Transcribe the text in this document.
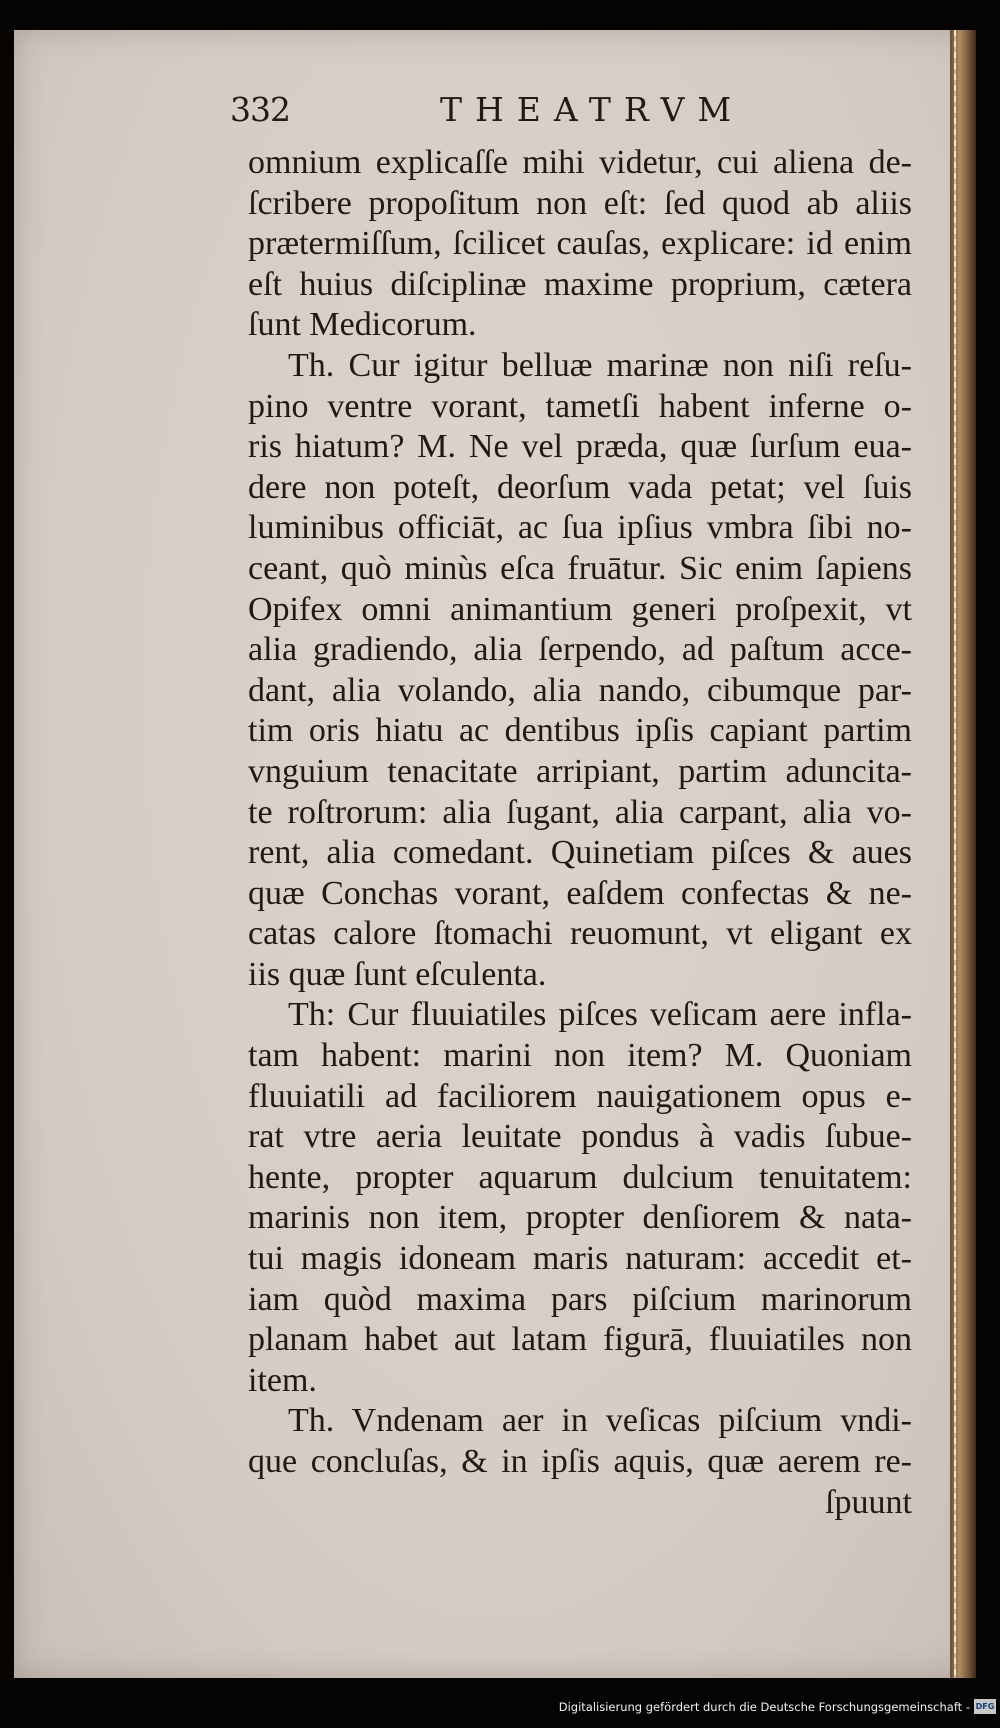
332	THEATRVM
omnium explicaſſe mihi videtur, cui aliena de-
ſcribere propoſitum non eſt: ſed quod ab aliis
prætermiſſum, ſcilicet cauſas, explicare: id enim
eſt huius diſciplinæ maxime proprium, cætera
ſunt Medicorum.
Th. Cur igitur belluæ marinæ non niſi reſu-
pino ventre vorant, tametſi habent inferne o-
ris hiatum? M. Ne vel præda, quæ ſurſum eua-
dere non poteſt, deorſum vada petat; vel ſuis
luminibus officiāt, ac ſua ipſius vmbra ſibi no-
ceant, quò minùs eſca fruātur. Sic enim ſapiens
Opifex omni animantium generi proſpexit, vt
alia gradiendo, alia ſerpendo, ad paſtum acce-
dant, alia volando, alia nando, cibumque par-
tim oris hiatu ac dentibus ipſis capiant partim
vnguium tenacitate arripiant, partim aduncita-
te roſtrorum: alia ſugant, alia carpant, alia vo-
rent, alia comedant. Quinetiam piſces & aues
quæ Conchas vorant, eaſdem confectas & ne-
catas calore ſtomachi reuomunt, vt eligant ex
iis quæ ſunt eſculenta.
Th: Cur fluuiatiles piſces veſicam aere infla-
tam habent: marini non item? M. Quoniam
fluuiatili ad faciliorem nauigationem opus e-
rat vtre aeria leuitate pondus à vadis ſubue-
hente, propter aquarum dulcium tenuitatem:
marinis non item, propter denſiorem & nata-
tui magis idoneam maris naturam: accedit et-
iam quòd maxima pars piſcium marinorum
planam habet aut latam figurā, fluuiatiles non
item.
Th. Vndenam aer in veſicas piſcium vndi-
que concluſas, & in ipſis aquis, quæ aerem re-
ſpuunt
Digitalisierung gefördert durch die Deutsche Forschungsgemeinschaft - DFG
